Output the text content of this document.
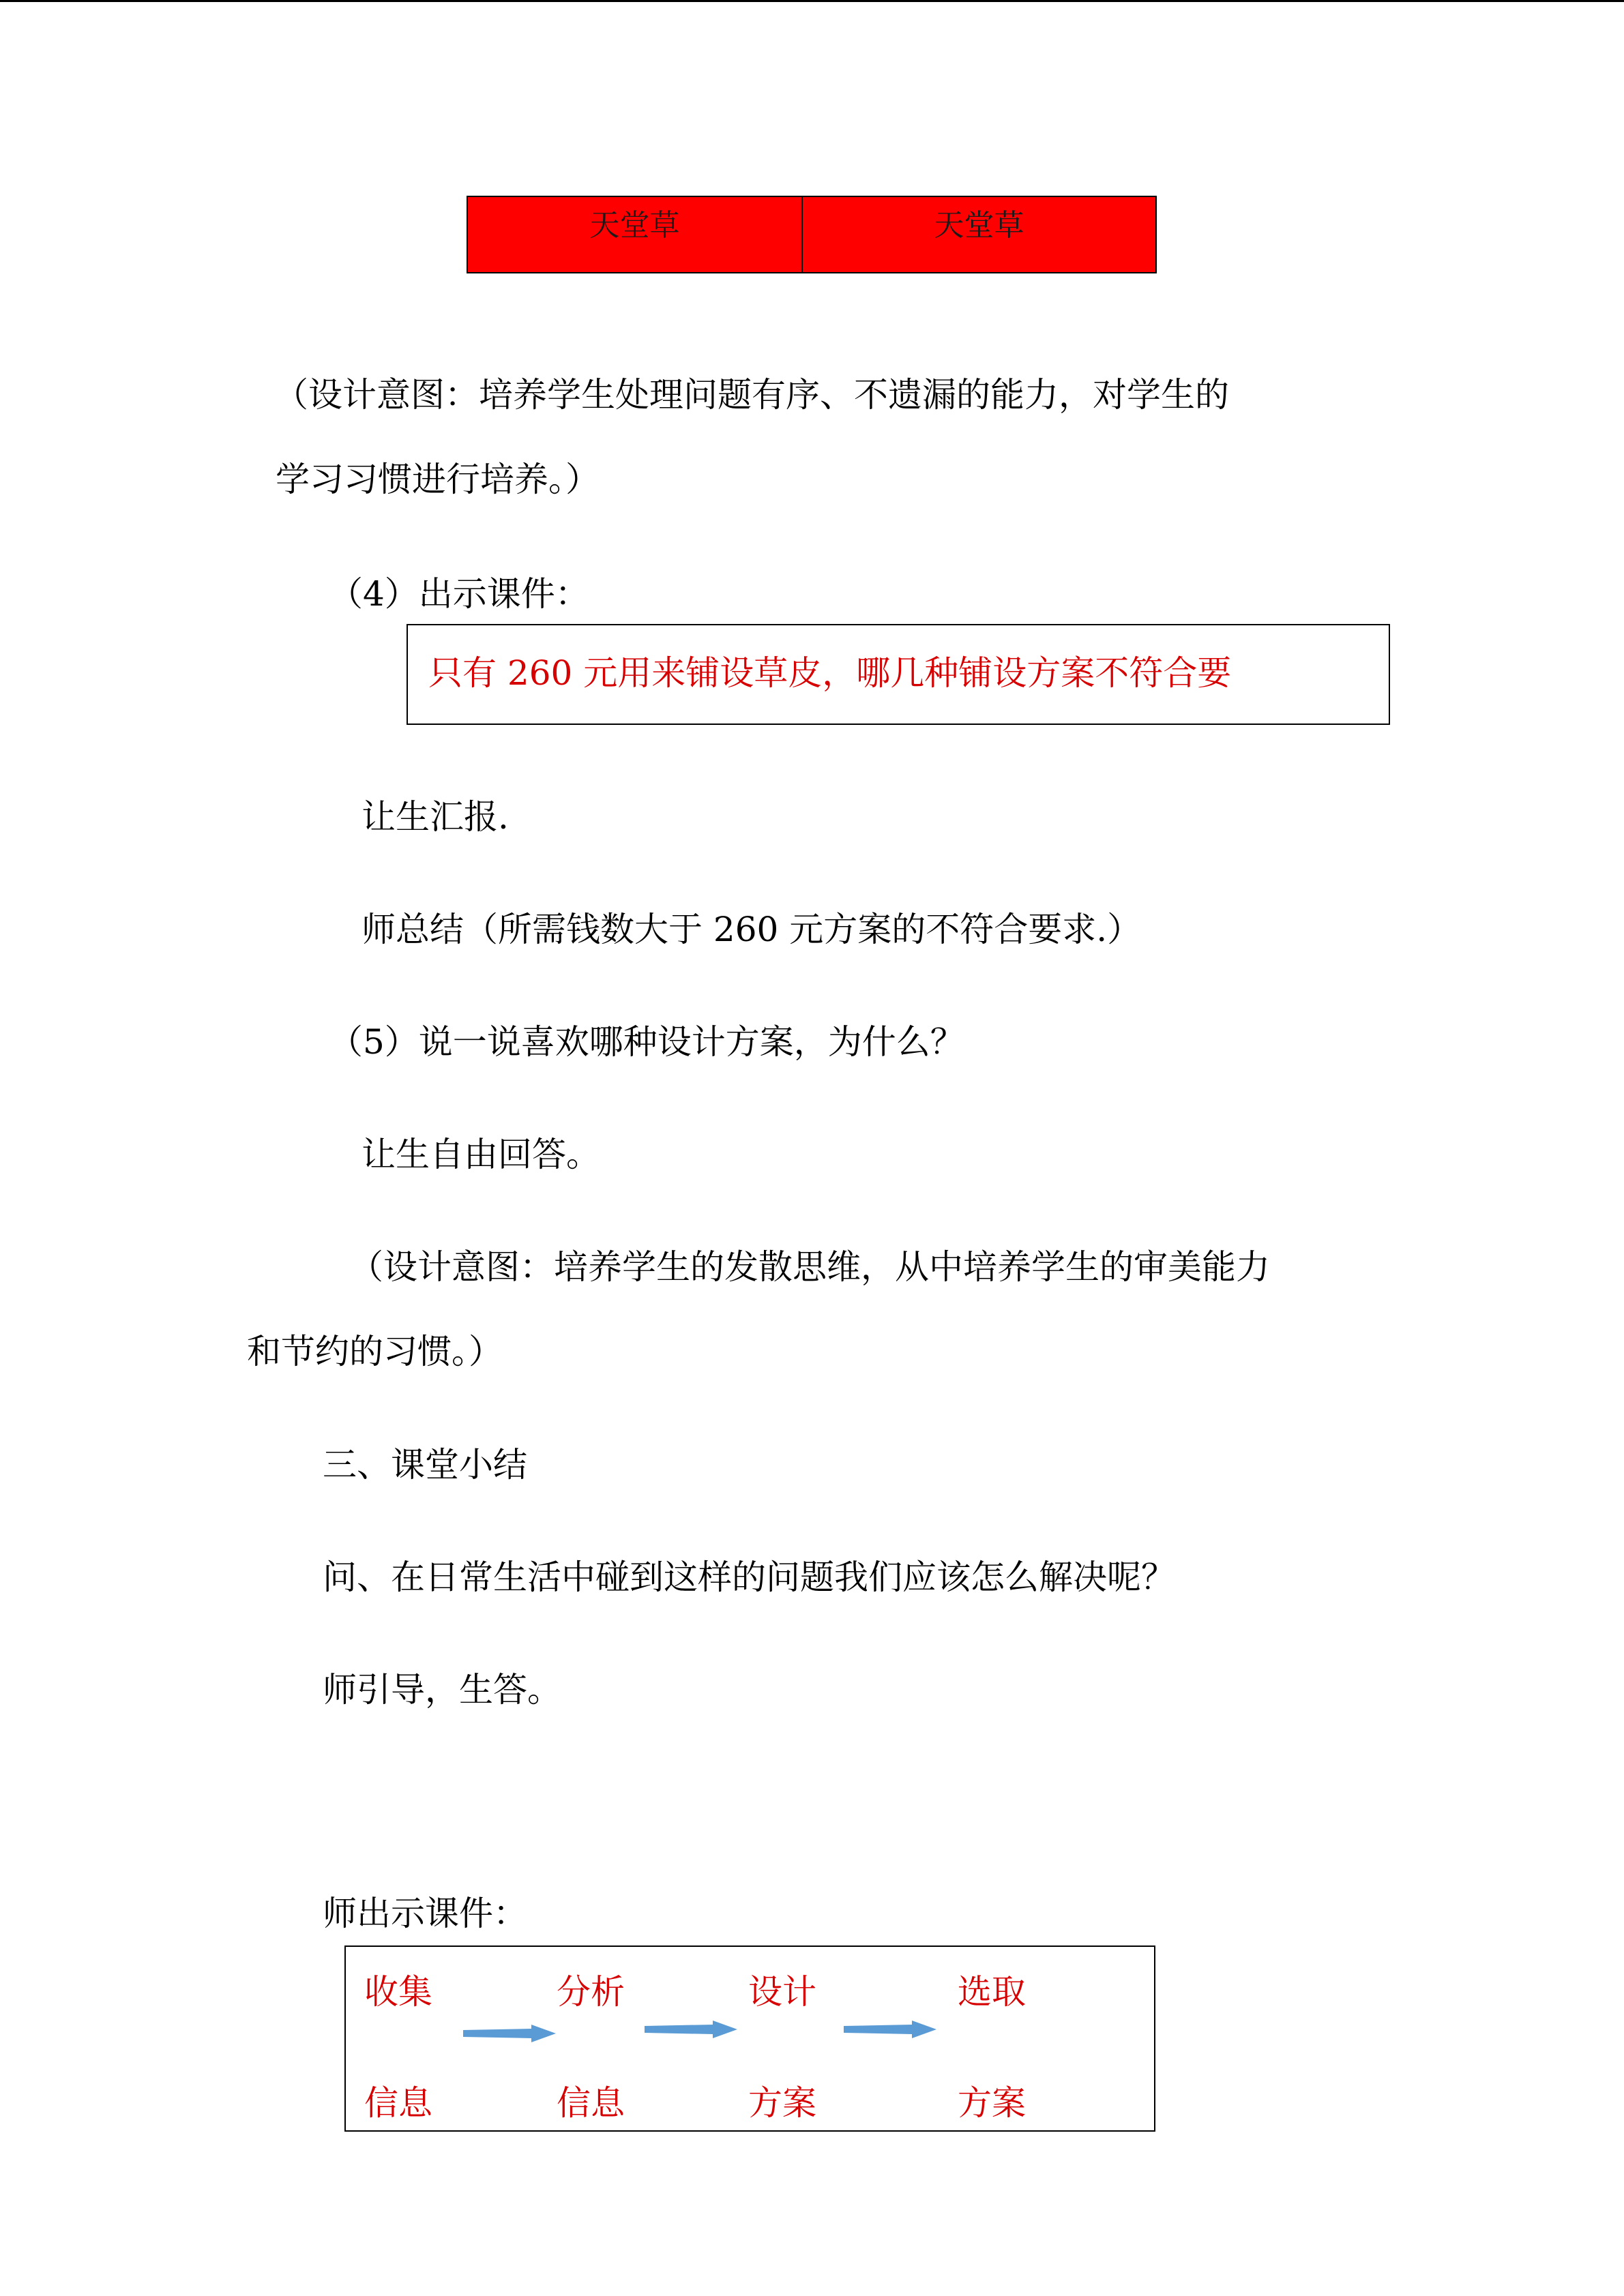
天堂草	天堂草
（设计意图：培养学生处理问题有序、不遗漏的能力，对学生的
学习习惯进行培养。）
（4）出示课件：
只有 260 元用来铺设草皮，哪几种铺设方案不符合要
让生汇报.
师总结（所需钱数大于 260 元方案的不符合要求.）
（5）说一说喜欢哪种设计方案，为什么？
让生自由回答。
（设计意图：培养学生的发散思维，从中培养学生的审美能力
和节约的习惯。）
三、课堂小结
问、在日常生活中碰到这样的问题我们应该怎么解决呢？
师引导，生答。
师出示课件：
收集
信息
分析
信息
设计
方案
选取
方案
